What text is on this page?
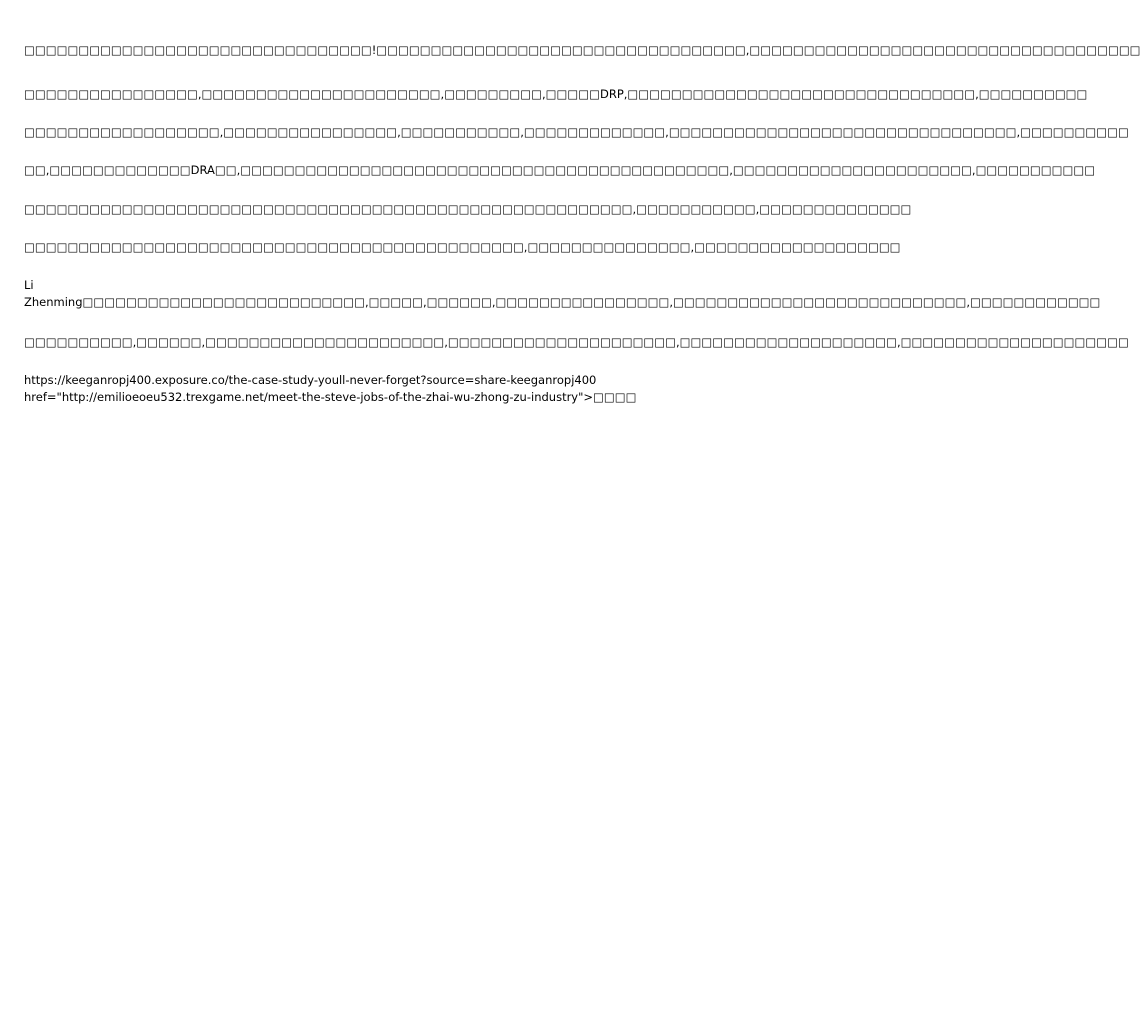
□□□□□□□□□□□□□□□□□□□□□□□□□□□□□□□□!□□□□□□□□□□□□□□□□□□□□□□□□□□□□□□□□□□,□□□□□□□□□□□□□□□□□□□□□□□□□□□□□□□□□□□□

□□□□□□□□□□□□□□□□,□□□□□□□□□□□□□□□□□□□□□□,□□□□□□□□□,□□□□□DRP,□□□□□□□□□□□□□□□□□□□□□□□□□□□□□□□□,□□□□□□□□□□

□□□□□□□□□□□□□□□□□□,□□□□□□□□□□□□□□□□,□□□□□□□□□□□,□□□□□□□□□□□□□,□□□□□□□□□□□□□□□□□□□□□□□□□□□□□□□□,□□□□□□□□□□

□□,□□□□□□□□□□□□□DRA□□,□□□□□□□□□□□□□□□□□□□□□□□□□□□□□□□□□□□□□□□□□□□□□,□□□□□□□□□□□□□□□□□□□□□□,□□□□□□□□□□□

□□□□□□□□□□□□□□□□□□□□□□□□□□□□□□□□□□□□□□□□□□□□□□□□□□□□□□□□,□□□□□□□□□□□,□□□□□□□□□□□□□□

□□□□□□□□□□□□□□□□□□□□□□□□□□□□□□□□□□□□□□□□□□□□□□,□□□□□□□□□□□□□□□,□□□□□□□□□□□□□□□□□□□

Li
Zhenming□□□□□□□□□□□□□□□□□□□□□□□□□□,□□□□□,□□□□□□,□□□□□□□□□□□□□□□□,□□□□□□□□□□□□□□□□□□□□□□□□□□□,□□□□□□□□□□□□

□□□□□□□□□□,□□□□□□,□□□□□□□□□□□□□□□□□□□□□□,□□□□□□□□□□□□□□□□□□□□□,□□□□□□□□□□□□□□□□□□□□,□□□□□□□□□□□□□□□□□□□□□

https://keeganropj400.exposure.co/the-case-study-youll-never-forget?source=share-keeganropj400
href="http://emilioeoeu532.trexgame.net/meet-the-steve-jobs-of-the-zhai-wu-zhong-zu-industry">□□□□
